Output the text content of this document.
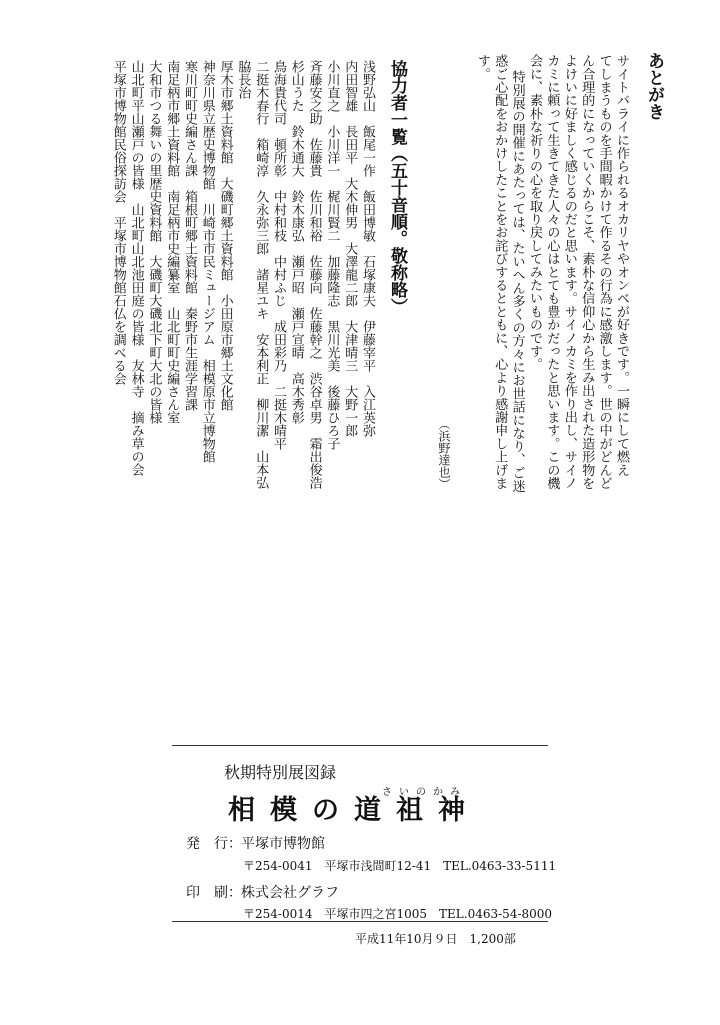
あとがき
サイトバライに作られるオカリヤやオンベが好きです。一瞬にして燃え
てしまうものを手間暇かけて作るその行為に感激します。世の中がどんど
ん合理的になっていくからこそ、素朴な信仰心から生み出された造形物を
よけいに好ましく感じるのだと思います。サイノカミを作り出し、サイノ
カミに頼って生きてきた人々の心はとても豊かだったと思います。この機
会に、素朴な祈りの心を取り戻してみたいものです。
特別展の開催にあたっては、たいへん多くの方々にお世話になり、ご迷
惑ご心配をおかけしたことをお詫びするとともに、心より感謝申し上げま
す。
（浜野達也）
協力者一覧（五十音順。敬称略）
浅野弘山　飯尾一作　飯田博敏　石塚康夫　伊藤宰平　入江英弥
内田智雄　長田平　大木伸男　大澤龍二郎　大津晴三　大野一郎
小川直之　小川洋一　梶川賢二　加藤隆志　黒川光美　後藤ひろ子
斉藤安之助　佐藤貴　佐川和裕　佐藤向　佐藤幹之　渋谷卓男　霜出俊浩
杉山うた　鈴木通大　鈴木康弘　瀬戸昭　瀬戸宣晴　高木秀彰
鳥海貴代司　頓所彰　中村和枝　中村ふじ　成田彩乃　二挺木晴平
二挺木春行　箱崎淳　久永弥三郎　諸星ユキ　安本利正　柳川潔　山本弘
脇長治
厚木市郷土資料館　大磯町郷土資料館　小田原市郷土文化館
神奈川県立歴史博物館　川崎市市民ミュージアム　相模原市立博物館
寒川町町史編さん課　箱根町郷土資料館　秦野市生涯学習課
南足柄市郷土資料館　南足柄市史編纂室　山北町町史編さん室
大和市つる舞いの里歴史資料館　大磯町大磯北下町大北の皆様
山北町平山瀬戸の皆様　山北町山北池田庭の皆様　友林寺　摘み草の会
平塚市博物館民俗探訪会　平塚市博物館石仏を調べる会
秋期特別展図録
さいのかみ
相模の道祖神
発　行： 平塚市博物館
〒254-0041　平塚市浅間町12-41　TEL.0463-33-5111
印　刷： 株式会社グラフ
〒254-0014　平塚市四之宮1005　TEL.0463-54-8000
平成11年10月９日　1,200部
